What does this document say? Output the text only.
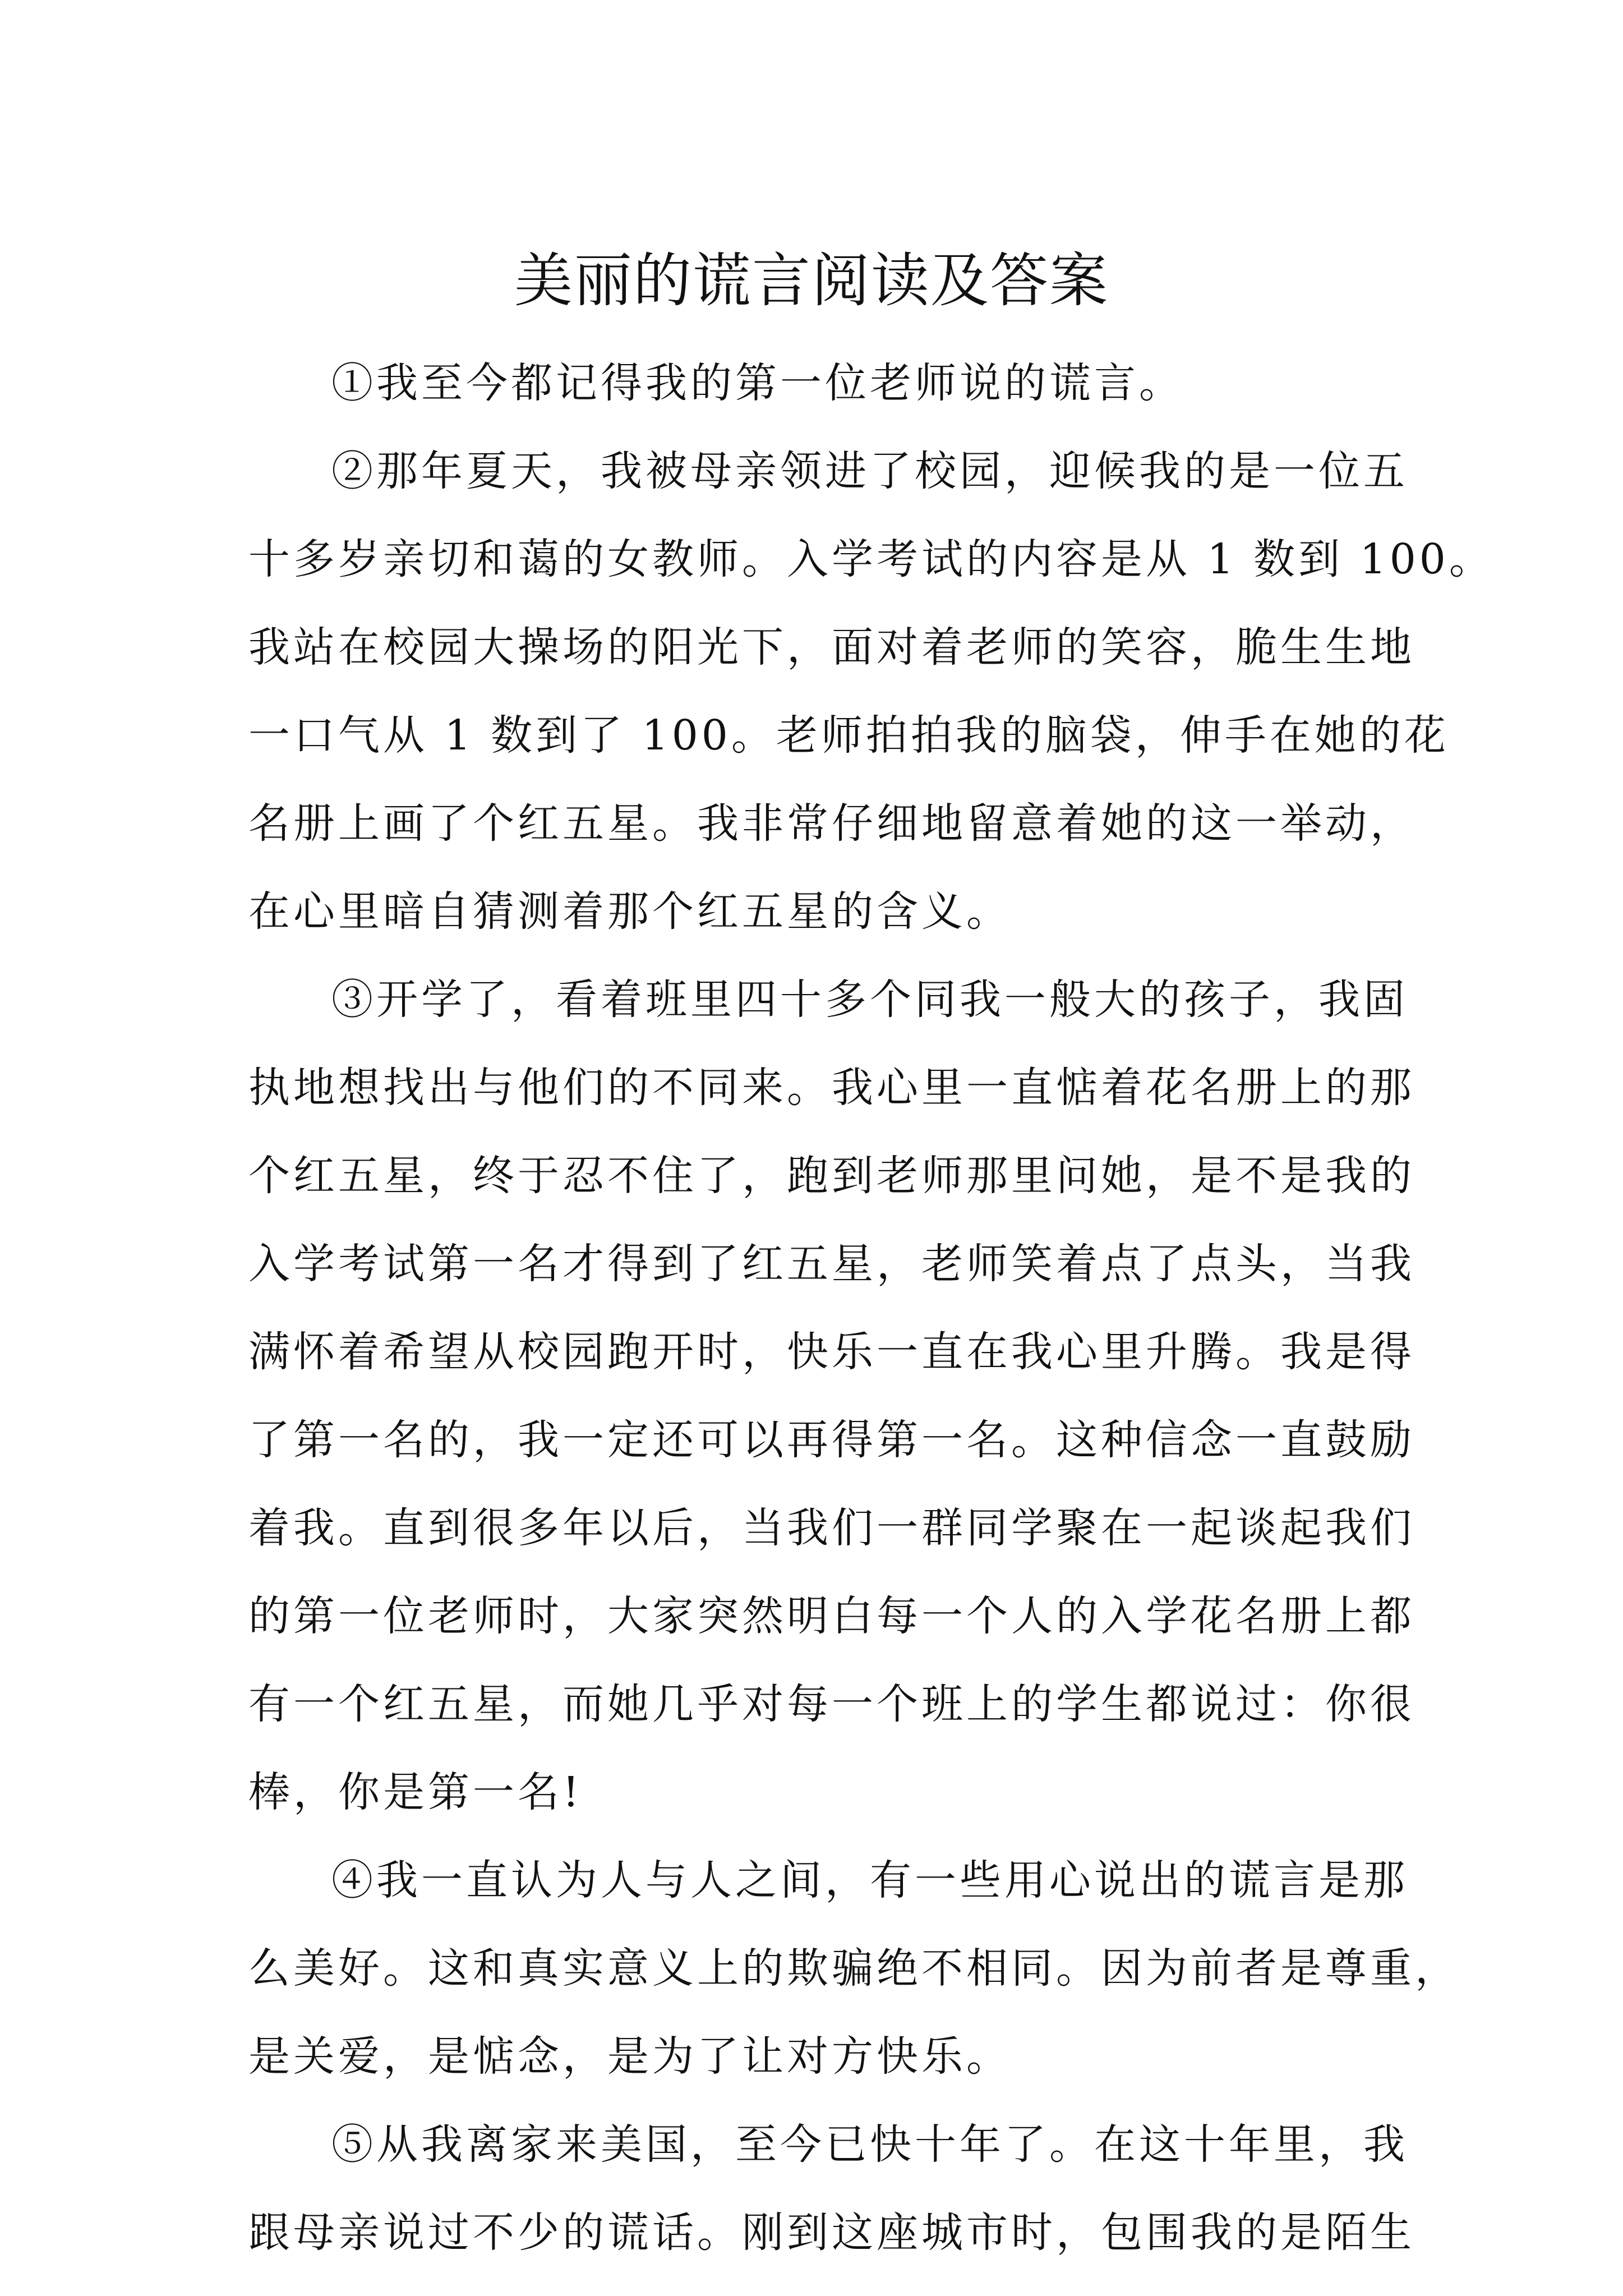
美丽的谎言阅读及答案
①我至今都记得我的第一位老师说的谎言。
②那年夏天，我被母亲领进了校园，迎候我的是一位五
十多岁亲切和蔼的女教师。入学考试的内容是从 1 数到 100。
我站在校园大操场的阳光下，面对着老师的笑容，脆生生地
一口气从 1 数到了 100。老师拍拍我的脑袋，伸手在她的花
名册上画了个红五星。我非常仔细地留意着她的这一举动，
在心里暗自猜测着那个红五星的含义。
③开学了，看着班里四十多个同我一般大的孩子，我固
执地想找出与他们的不同来。我心里一直惦着花名册上的那
个红五星，终于忍不住了，跑到老师那里问她，是不是我的
入学考试第一名才得到了红五星，老师笑着点了点头，当我
满怀着希望从校园跑开时，快乐一直在我心里升腾。我是得
了第一名的，我一定还可以再得第一名。这种信念一直鼓励
着我。直到很多年以后，当我们一群同学聚在一起谈起我们
的第一位老师时，大家突然明白每一个人的入学花名册上都
有一个红五星，而她几乎对每一个班上的学生都说过：你很
棒，你是第一名!
④我一直认为人与人之间，有一些用心说出的谎言是那
么美好。这和真实意义上的欺骗绝不相同。因为前者是尊重，
是关爱，是惦念，是为了让对方快乐。
⑤从我离家来美国，至今已快十年了。在这十年里，我
跟母亲说过不少的谎话。刚到这座城市时，包围我的是陌生
